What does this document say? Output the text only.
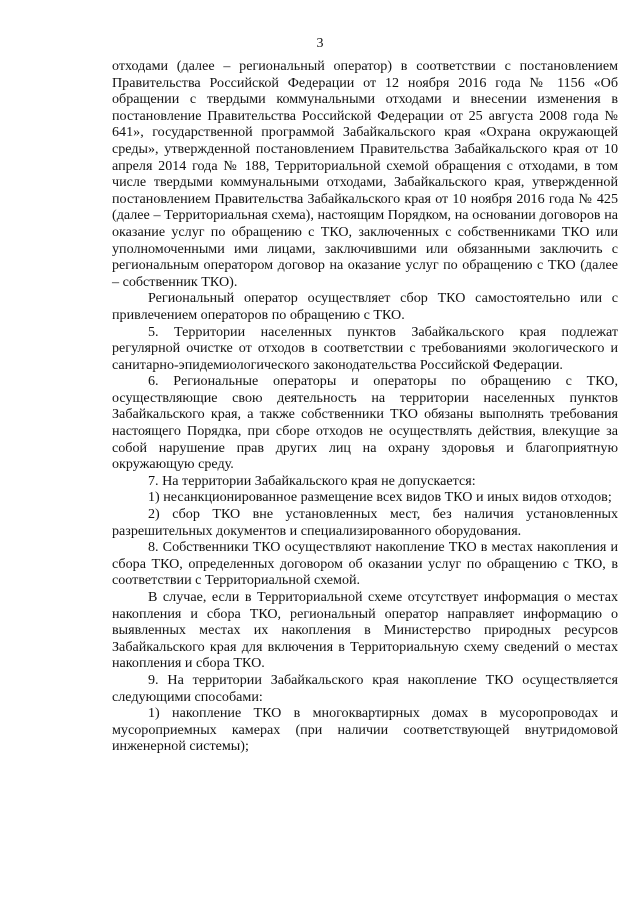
3

отходами (далее – региональный оператор) в соответствии с постановлением Правительства Российской Федерации от 12 ноября 2016 года № 1156 «Об обращении с твердыми коммунальными отходами и внесении изменения в постановление Правительства Российской Федерации от 25 августа 2008 года № 641», государственной программой Забайкальского края «Охрана окружающей среды», утвержденной постановлением Правительства Забайкальского края от 10 апреля 2014 года № 188, Территориальной схемой обращения с отходами, в том числе твердыми коммунальными отходами, Забайкальского края, утвержденной постановлением Правительства Забайкальского края от 10 ноября 2016 года № 425 (далее – Территориальная схема), настоящим Порядком, на основании договоров на оказание услуг по обращению с ТКО, заключенных с собственниками ТКО или уполномоченными ими лицами, заключившими или обязанными заключить с региональным оператором договор на оказание услуг по обращению с ТКО (далее – собственник ТКО).

Региональный оператор осуществляет сбор ТКО самостоятельно или с привлечением операторов по обращению с ТКО.

5. Территории населенных пунктов Забайкальского края подлежат регулярной очистке от отходов в соответствии с требованиями экологического и санитарно-эпидемиологического законодательства Российской Федерации.

6. Региональные операторы и операторы по обращению с ТКО, осуществляющие свою деятельность на территории населенных пунктов Забайкальского края, а также собственники ТКО обязаны выполнять требования настоящего Порядка, при сборе отходов не осуществлять действия, влекущие за собой нарушение прав других лиц на охрану здоровья и благоприятную окружающую среду.

7. На территории Забайкальского края не допускается:

1) несанкционированное размещение всех видов ТКО и иных видов отходов;

2) сбор ТКО вне установленных мест, без наличия установленных разрешительных документов и специализированного оборудования.

8. Собственники ТКО осуществляют накопление ТКО в местах накопления и сбора ТКО, определенных договором об оказании услуг по обращению с ТКО, в соответствии с Территориальной схемой.

В случае, если в Территориальной схеме отсутствует информация о местах накопления и сбора ТКО, региональный оператор направляет информацию о выявленных местах их накопления в Министерство природных ресурсов Забайкальского края для включения в Территориальную схему сведений о местах накопления и сбора ТКО.

9. На территории Забайкальского края накопление ТКО осуществляется следующими способами:

1) накопление ТКО в многоквартирных домах в мусоропроводах и мусороприемных камерах (при наличии соответствующей внутридомовой инженерной системы);
